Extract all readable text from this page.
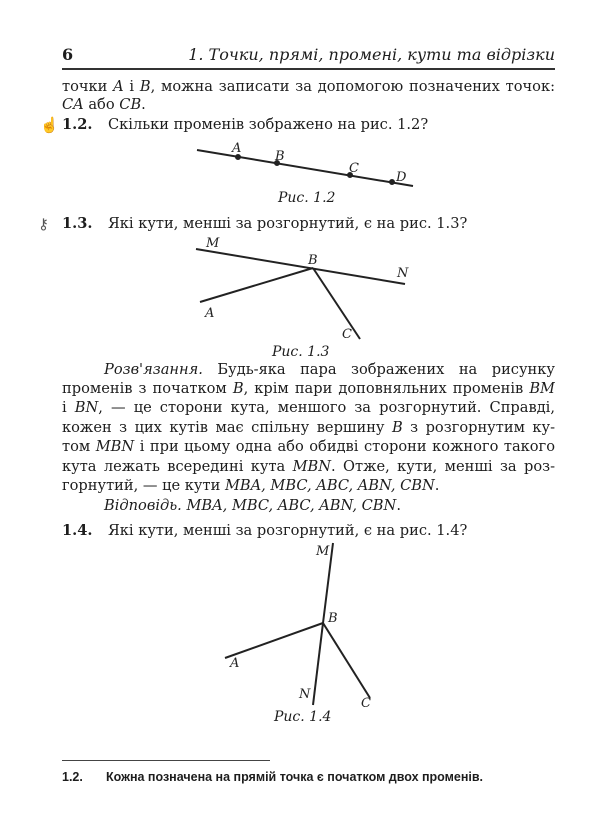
6	1. Точки, прямі, промені, кути та відрізки
точки A і B, можна записати за допомогою позначених точок:
CA або CB.
☝ 1.2. Скільки променів зображено на рис. 1.2?
⚷ 1.3. Які кути, менші за розгорнутий, є на рис. 1.3?
A
B
C
D
M
B
N
A
C
M
B
A
N
C
Рис. 1.2
Рис. 1.3
Розв'язання. Будь-яка пара зображених на рисунку
променів з початком B, крім пари доповняльних променів BM
і BN, — це сторони кута, меншого за розгорнутий. Справді,
кожен з цих кутів має спільну вершину B з розгорнутим ку-
том MBN і при цьому одна або обидві сторони кожного такого
кута лежать всередині кута MBN. Отже, кути, менші за роз-
горнутий, — це кути MBA, MBC, ABC, ABN, CBN.
Відповідь. MBA, MBC, ABC, ABN, CBN.
1.4. Які кути, менші за розгорнутий, є на рис. 1.4?
Рис. 1.4
1.2. Кожна позначена на прямій точка є початком двох променів.
